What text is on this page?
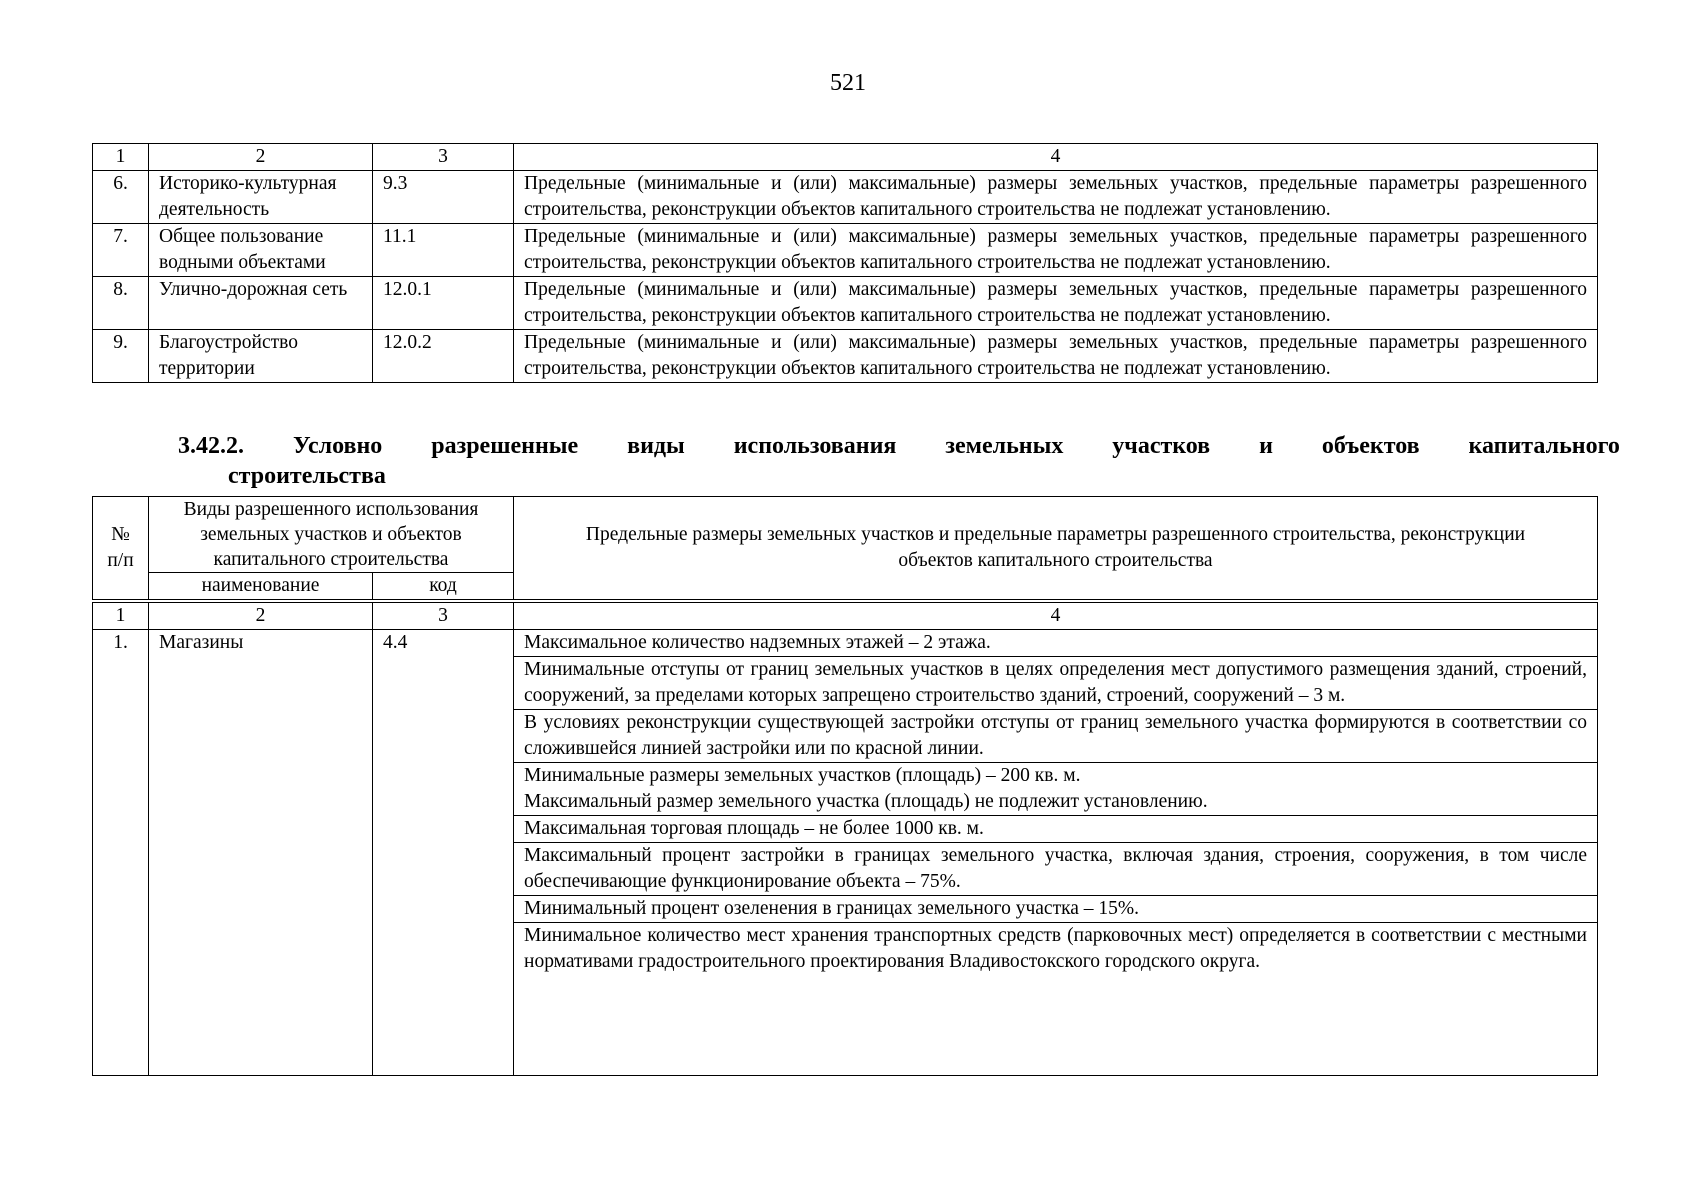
521
1	2	3	4
6.	Историко-культурная деятельность	9.3	Предельные (минимальные и (или) максимальные) размеры земельных участков, предельные параметры разрешенного строительства, реконструкции объектов капитального строительства не подлежат установлению.
7.	Общее пользование водными объектами	11.1	Предельные (минимальные и (или) максимальные) размеры земельных участков, предельные параметры разрешенного строительства, реконструкции объектов капитального строительства не подлежат установлению.
8.	Улично-дорожная сеть	12.0.1	Предельные (минимальные и (или) максимальные) размеры земельных участков, предельные параметры разрешенного строительства, реконструкции объектов капитального строительства не подлежат установлению.
9.	Благоустройство территории	12.0.2	Предельные (минимальные и (или) максимальные) размеры земельных участков, предельные параметры разрешенного строительства, реконструкции объектов капитального строительства не подлежат установлению.
3.42.2. Условно разрешенные виды использования земельных участков и объектов капитального
строительства
№ п/п	Виды разрешенного использования земельных участков и объектов капитального строительства		Предельные размеры земельных участков и предельные параметры разрешенного строительства, реконструкции объектов капитального строительства
	наименование	код	
1	2	3	4
1.	Магазины	4.4	Максимальное количество надземных этажей – 2 этажа.
			Минимальные отступы от границ земельных участков в целях определения мест допустимого размещения зданий, строений, сооружений, за пределами которых запрещено строительство зданий, строений, сооружений – 3 м.
			В условиях реконструкции существующей застройки отступы от границ земельного участка формируются в соответствии со сложившейся линией застройки или по красной линии.

			Минимальные размеры земельных участков (площадь) – 200 кв. м.
Максимальный размер земельного участка (площадь) не подлежит установлению.

			Максимальная торговая площадь – не более 1000 кв. м.
			Максимальный процент застройки в границах земельного участка, включая здания, строения, сооружения, в том числе обеспечивающие функционирование объекта – 75%.
			Минимальный процент озеленения в границах земельного участка – 15%.
			Минимальное количество мест хранения транспортных средств (парковочных мест) определяется в соответствии с местными нормативами градостроительного проектирования Владивостокского городского округа.
